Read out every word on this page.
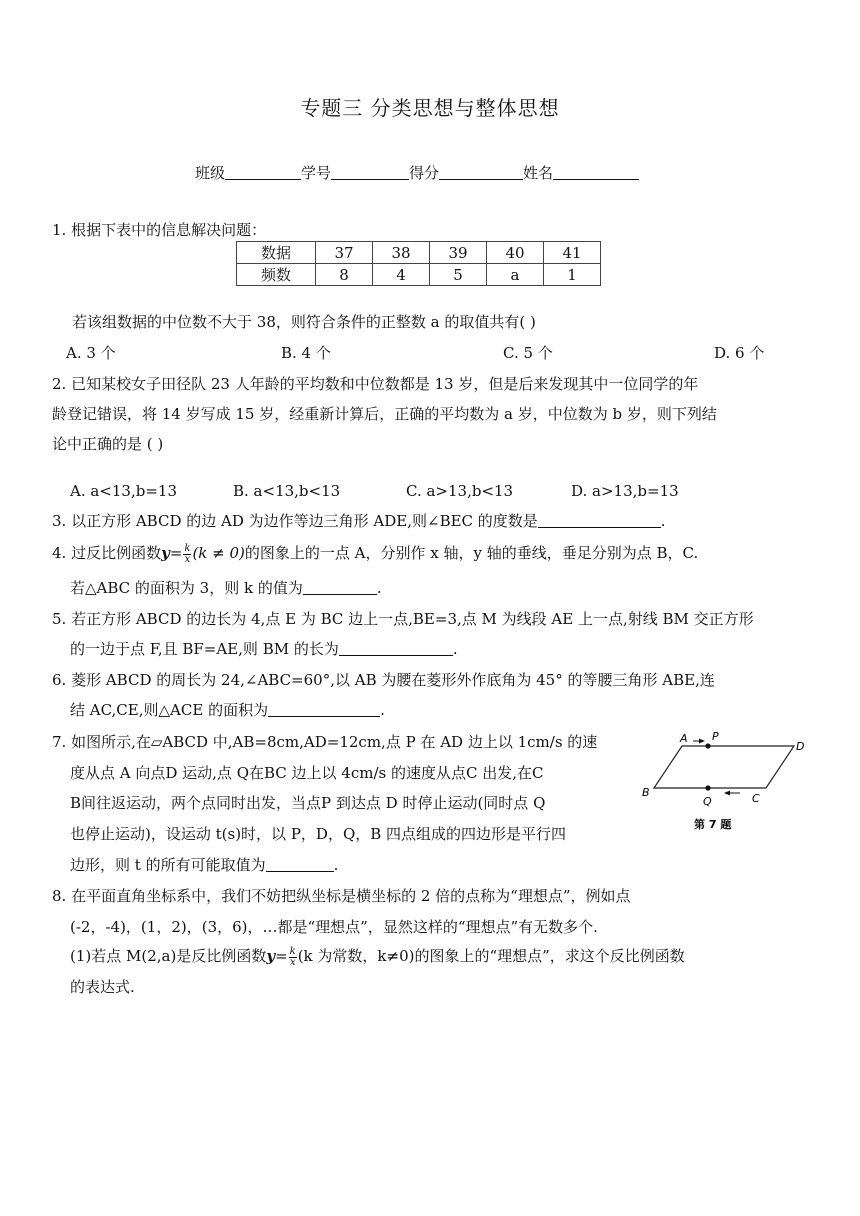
专题三 分类思想与整体思想
班级	学号	得分	姓名
1. 根据下表中的信息解决问题：
数据	37	38	39	40	41
频数	8	4	5	a	1
若该组数据的中位数不大于 38，则符合条件的正整数 a 的取值共有( )
A. 3 个	B. 4 个	C. 5 个	D. 6 个
2. 已知某校女子田径队 23 人年龄的平均数和中位数都是 13 岁，但是后来发现其中一位同学的年
龄登记错误，将 14 岁写成 15 岁，经重新计算后，正确的平均数为 a 岁，中位数为 b 岁，则下列结
论中正确的是 ( )
A. a<13,b=13	B. a<13,b<13	C. a>13,b<13	D. a>13,b=13
3. 以正方形 ABCD 的边 AD 为边作等边三角形 ADE,则∠BEC 的度数是	.
4. 过反比例函数$y= \frac{k}{x} (k \ne 0)$的图象上的一点 A，分别作 x 轴，y 轴的垂线，垂足分别为点 B，C.
若△ABC 的面积为 3，则 k 的值为	.
5. 若正方形 ABCD 的边长为 4,点 E 为 BC 边上一点,BE=3,点 M 为线段 AE 上一点,射线 BM 交正方形
的一边于点 F,且 BF=AE,则 BM 的长为	.
6. 菱形 ABCD 的周长为 24,∠ABC=60°,以 AB 为腰在菱形外作底角为 45° 的等腰三角形 ABE,连
结 AC,CE,则△ACE 的面积为	.
7. 如图所示,在▱ABCD 中,AB=8cm,AD=12cm,点 P 在 AD 边上以 1cm/s 的速
度从点 A 向点D 运动,点 Q在BC 边上以 4cm/s 的速度从点C 出发,在C
B间往返运动，两个点同时出发，当点P 到达点 D 时停止运动(同时点 Q
也停止运动)，设运动 t(s)时，以 P，D，Q，B 四点组成的四边形是平行四
边形，则 t 的所有可能取值为	.
A P
D
B
Q	C
第 7 题
8. 在平面直角坐标系中，我们不妨把纵坐标是横坐标的 2 倍的点称为“理想点”，例如点
(-2，-4)，(1，2)，(3，6)，…都是“理想点”，显然这样的“理想点”有无数多个.
(1)若点 M(2,a)是反比例函数$y= \frac{k}{x} (k$ 为常数，k≠0)的图象上的“理想点”，求这个反比例函数
的表达式.
